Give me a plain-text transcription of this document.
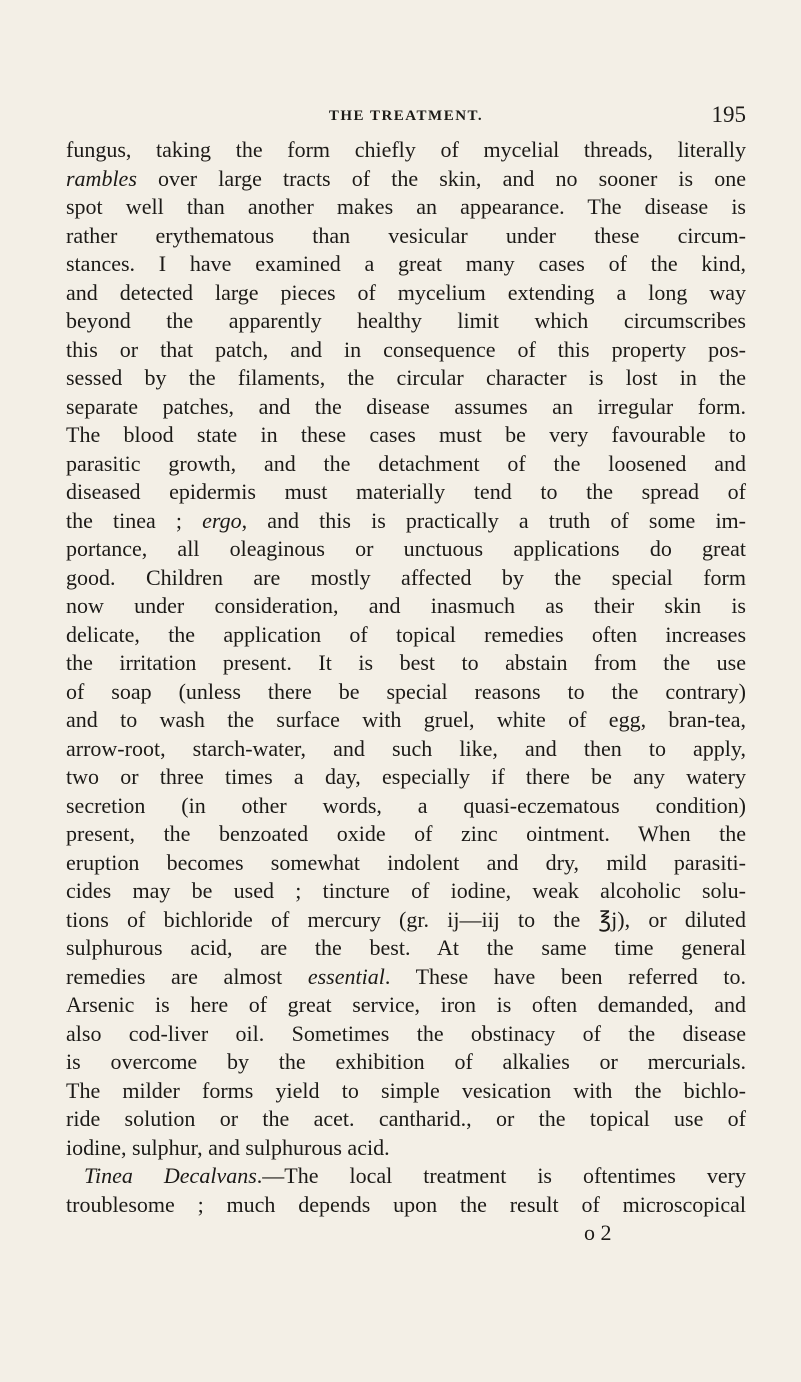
THE TREATMENT.	195
fungus, taking the form chiefly of mycelial threads, literally
rambles over large tracts of the skin, and no sooner is one
spot well than another makes an appearance. The disease is
rather erythematous than vesicular under these circum-
stances. I have examined a great many cases of the kind,
and detected large pieces of mycelium extending a long way
beyond the apparently healthy limit which circumscribes
this or that patch, and in consequence of this property pos-
sessed by the filaments, the circular character is lost in the
separate patches, and the disease assumes an irregular form.
The blood state in these cases must be very favourable to
parasitic growth, and the detachment of the loosened and
diseased epidermis must materially tend to the spread of
the tinea ; ergo, and this is practically a truth of some im-
portance, all oleaginous or unctuous applications do great
good. Children are mostly affected by the special form
now under consideration, and inasmuch as their skin is
delicate, the application of topical remedies often increases
the irritation present. It is best to abstain from the use
of soap (unless there be special reasons to the contrary)
and to wash the surface with gruel, white of egg, bran-tea,
arrow-root, starch-water, and such like, and then to apply,
two or three times a day, especially if there be any watery
secretion (in other words, a quasi-eczematous condition)
present, the benzoated oxide of zinc ointment. When the
eruption becomes somewhat indolent and dry, mild parasiti-
cides may be used ; tincture of iodine, weak alcoholic solu-
tions of bichloride of mercury (gr. ij—iij to the ℥j), or diluted
sulphurous acid, are the best. At the same time general
remedies are almost essential. These have been referred to.
Arsenic is here of great service, iron is often demanded, and
also cod-liver oil. Sometimes the obstinacy of the disease
is overcome by the exhibition of alkalies or mercurials.
The milder forms yield to simple vesication with the bichlo-
ride solution or the acet. cantharid., or the topical use of
iodine, sulphur, and sulphurous acid.
Tinea Decalvans.—The local treatment is oftentimes very
troublesome ; much depends upon the result of microscopical
o 2
